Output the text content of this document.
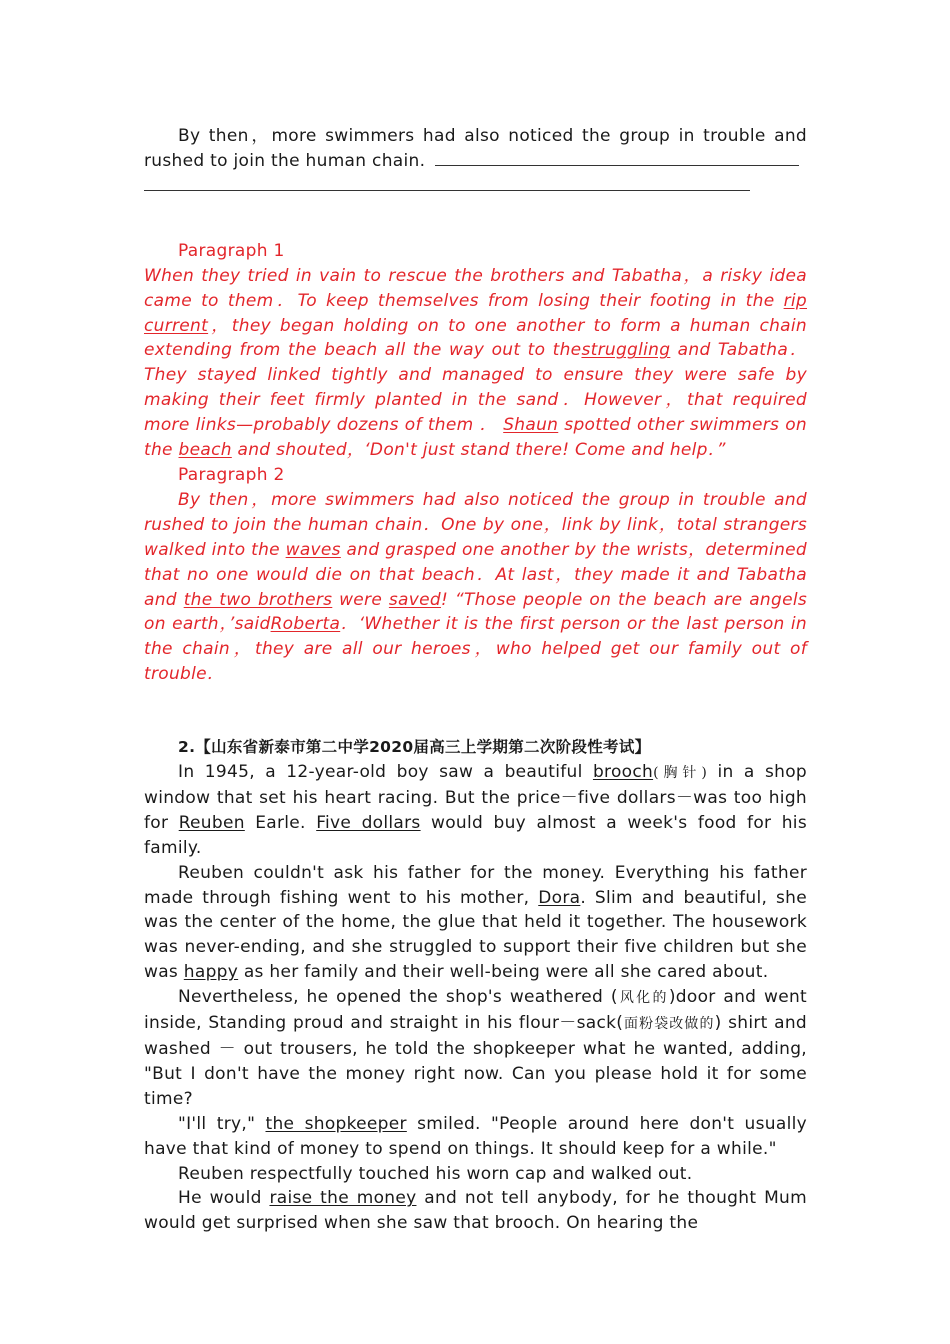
By then，more swimmers had also noticed the group in trouble and rushed to join the human chain.

Paragraph 1

When they tried in vain to rescue the brothers and Tabatha，a risky idea came to them．To keep themselves from losing their footing in the rip current，they began holding on to one another to form a human chain extending from the beach all the way out to thestruggling and Tabatha．They stayed linked tightly and managed to ensure they were safe by making their feet firmly planted in the sand．However，that required more links—probably dozens of them ． Shaun spotted other swimmers on the beach and shouted，‘Don't just stand there! Come and help．”

Paragraph 2

By then，more swimmers had also noticed the group in trouble and rushed to join the human chain．One by one，link by link，total strangers walked into the waves and grasped one another by the wrists，determined that no one would die on that beach．At last，they made it and Tabatha and the two brothers were saved! “Those people on the beach are angels on earth，’saidRoberta．‘Whether it is the first person or the last person in the chain，they are all our heroes，who helped get our family out of trouble．

2.【山东省新泰市第二中学2020届高三上学期第二次阶段性考试】

In 1945, a 12-year-old boy saw a beautiful brooch(胸针) in a shop window that set his heart racing. But the price－five dollars－was too high for Reuben Earle. Five dollars would buy almost a week's food for his family.

Reuben couldn't ask his father for the money. Everything his father made through fishing went to his mother, Dora. Slim and beautiful, she was the center of the home, the glue that held it together. The housework was never-ending, and she struggled to support their five children but she was happy as her family and their well-being were all she cared about.

Nevertheless, he opened the shop's weathered (风化的)door and went inside, Standing proud and straight in his flour－sack(面粉袋改做的) shirt and washed － out trousers, he told the shopkeeper what he wanted, adding, "But I don't have the money right now. Can you please hold it for some time?

"I'll try," the shopkeeper smiled. "People around here don't usually have that kind of money to spend on things. It should keep for a while."

Reuben respectfully touched his worn cap and walked out.

He would raise the money and not tell anybody, for he thought Mum would get surprised when she saw that brooch. On hearing the
